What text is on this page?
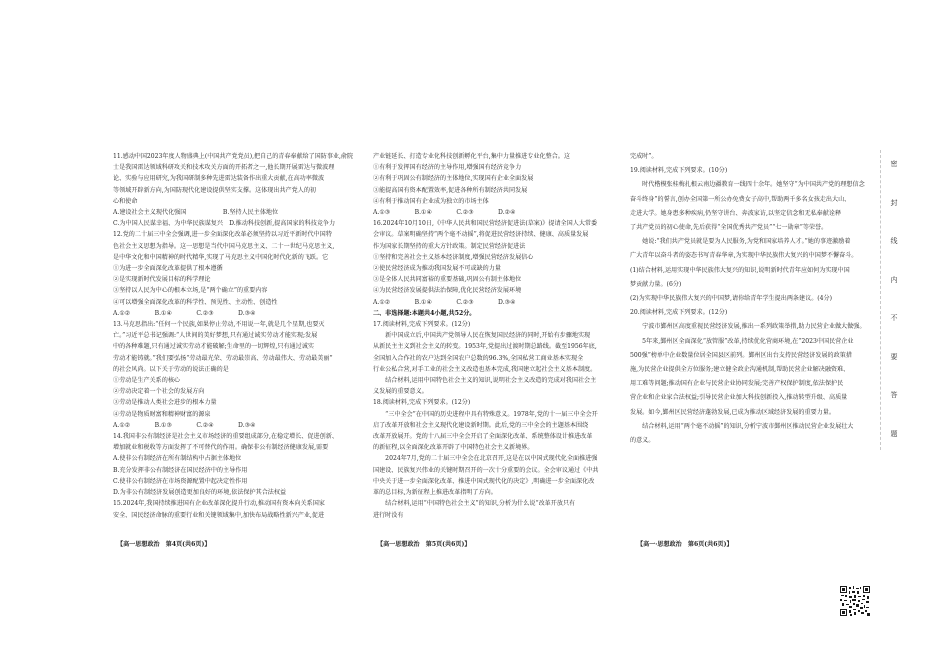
11.感动中国2023年度人物盛典上(中国共产党党员),把自己的青春奉献给了国防事业,俞院
士是我国雷达领域科研攻关和技术攻关方面的开拓者之一,他长期开展雷达与微波理
论、实验与应用研究,为我国研制多种先进雷达装备作出重大贡献,在高功率微波
等领域开辟新方向,为国防现代化建设提供坚实支撑。这体现出共产党人的初
心和使命
A.建设社会主义现代化强国　　　　　　B.坚持人民主体地位
C.为中国人民谋幸福、为中华民族谋复兴　D.推动科技创新,提高国家的科技竞争力
12.党的二十届三中全会强调,进一步全面深化改革必须坚持以习近平新时代中国特
色社会主义思想为指导。这一思想是当代中国马克思主义、二十一世纪马克思主义,
是中华文化和中国精神的时代精华,实现了马克思主义中国化时代化新的飞跃。它
①为进一步全面深化改革提供了根本遵循
②是实现新时代发展目标的科学理论
③坚持以人民为中心的根本立场,是“两个确立”的重要内容
④可以增强全面深化改革的科学性、预见性、主动性、创造性
A.①②　　　　B.①④　　　　C.②③　　　　D.③④
13.马克思指出:“任何一个民族,如果停止劳动,不用说一年,就是几个星期,也要灭
亡。”习近平总书记强调:“人世间的美好梦想,只有通过诚实劳动才能实现;发展
中的各种难题,只有通过诚实劳动才能破解;生命里的一切辉煌,只有通过诚实
劳动才能铸就。”我们要弘扬“劳动最光荣、劳动最崇高、劳动最伟大、劳动最美丽”
的社会风尚。以下关于劳动的说法正确的是
①劳动是生产关系的核心
②劳动决定着一个社会的发展方向
③劳动是推动人类社会进步的根本力量
④劳动是物质财富和精神财富的源泉
A.①②　　　　B.①③　　　　C.②④　　　　D.③④
14.我国非公有制经济是社会主义市场经济的重要组成部分,在稳定增长、促进创新、
增加就业和税收等方面发挥了不可替代的作用。确保非公有制经济健康发展,需要
A.使非公有制经济在所有制结构中占据主体地位
B.充分发挥非公有制经济在国民经济中的主导作用
C.使非公有制经济在市场资源配置中起决定性作用
D.为非公有制经济发展创造更加良好的环境,依法保护其合法权益
15.2024年,我国持续推进国有企业改革深化提升行动,推动国有资本向关系国家
安全、国民经济命脉的重要行业和关键领域集中,加快布局战略性新兴产业,促进
产业链延长、打造专业化科技创新孵化平台,集中力量推进专业化整合。这
①有利于发挥国有经济的主导作用,增强国有经济竞争力
②有利于巩固公有制经济的主体地位,实现国有企业全面发展
③能提高国有资本配置效率,促进各种所有制经济共同发展
④有利于推动国有企业成为独立的市场主体
A.①③　　　　B.①④　　　　C.②③　　　　D.②④
16.2024年10月10日,《中华人民共和国民营经济促进法(草案)》提请全国人大常委
会审议。草案明确坚持“两个毫不动摇”,将促进民营经济持续、健康、高质量发展
作为国家长期坚持的重大方针政策。制定民营经济促进法
①坚持和完善社会主义基本经济制度,增强民营经济发展信心
②使民营经济成为推动我国发展不可或缺的力量
③是全体人民共同富裕的重要基础,巩固公有制主体地位
④为民营经济发展提供法治保障,优化民营经济发展环境
A.①②　　　　B.①④　　　　C.②③　　　　D.③④
二、非选择题:本题共4小题,共52分。
17.阅读材料,完成下列要求。(12分)
　　新中国成立后,中国共产党领导人民在恢复国民经济的同时,开始有步骤地实现
从新民主主义到社会主义的转变。1953年,党提出过渡时期总路线。截至1956年底,
全国加入合作社的农户达到全国农户总数的96.3%,全国私营工商业基本实现全
行业公私合营,对手工业的社会主义改造也基本完成,我国建立起社会主义基本制度。
　　结合材料,运用中国特色社会主义的知识,说明社会主义改造的完成对我国社会主
义发展的重要意义。
18.阅读材料,完成下列要求。(12分)
　　“三中全会”在中国的历史进程中具有特殊意义。1978年,党的十一届三中全会开
启了改革开放和社会主义现代化建设新时期。此后,党的三中全会的主题基本围绕
改革开放展开。党的十八届三中全会开启了全面深化改革、系统整体设计推进改革
的新征程,以全面深化改革开辟了中国特色社会主义新境界。
　　2024年7月,党的二十届三中全会在北京召开,这是在以中国式现代化全面推进强
国建设、民族复兴伟业的关键时期召开的一次十分重要的会议。全会审议通过《中共
中央关于进一步全面深化改革、推进中国式现代化的决定》,明确进一步全面深化改
革的总目标,为新征程上推进改革指明了方向。
　　结合材料,运用“中国特色社会主义”的知识,分析为什么说“改革开放只有
进行时没有
完成时”。
19.阅读材料,完成下列要求。(10分)
　　时代楷模张桂梅扎根云南边疆教育一线四十余年。她坚守“为中国共产党的理想信念
奋斗终身”的誓言,创办全国第一所公办免费女子高中,帮助两千多名女孩走出大山、
走进大学。她身患多种疾病,仍坚守讲台、奔波家访,以坚定信念和无私奉献诠释
了共产党员的初心使命,先后获得“全国优秀共产党员”“七一勋章”等荣誉。
　　她说:“我们共产党员就是要为人民服务,为党和国家培养人才。”她的事迹激励着
广大青年以奋斗者的姿态书写青春华章,为实现中华民族伟大复兴的中国梦不懈奋斗。
(1)结合材料,运用实现中华民族伟大复兴的知识,说明新时代青年应如何为实现中国
梦贡献力量。(6分)
(2)为实现中华民族伟大复兴的中国梦,请你给青年学生提出两条建议。(4分)
20.阅读材料,完成下列要求。(12分)
　　宁波市鄞州区高度重视民营经济发展,推出一系列政策举措,助力民营企业做大做强。
　　5年来,鄞州区全面深化“放管服”改革,持续优化营商环境,在“2023中国民营企业
500强”榜单中企业数量位居全国县区前列。鄞州区出台支持民营经济发展的政策措
施,为民营企业提供全方位服务;建立健全政企沟通机制,帮助民营企业解决融资难、
用工难等问题;推动国有企业与民营企业协同发展;完善产权保护制度,依法保护民
营企业和企业家合法权益;引导民营企业加大科技创新投入,推动转型升级、高质量
发展。如今,鄞州区民营经济蓬勃发展,已成为推动区域经济发展的重要力量。
　　结合材料,运用“两个毫不动摇”的知识,分析宁波市鄞州区推动民营企业发展壮大
的意义。
【高一思想政治　第4页(共6页)】	【高一思想政治　第5页(共6页)】	【高一·思想政治　第6页(共6页)】
密
封
线
内
不
要
答
题
